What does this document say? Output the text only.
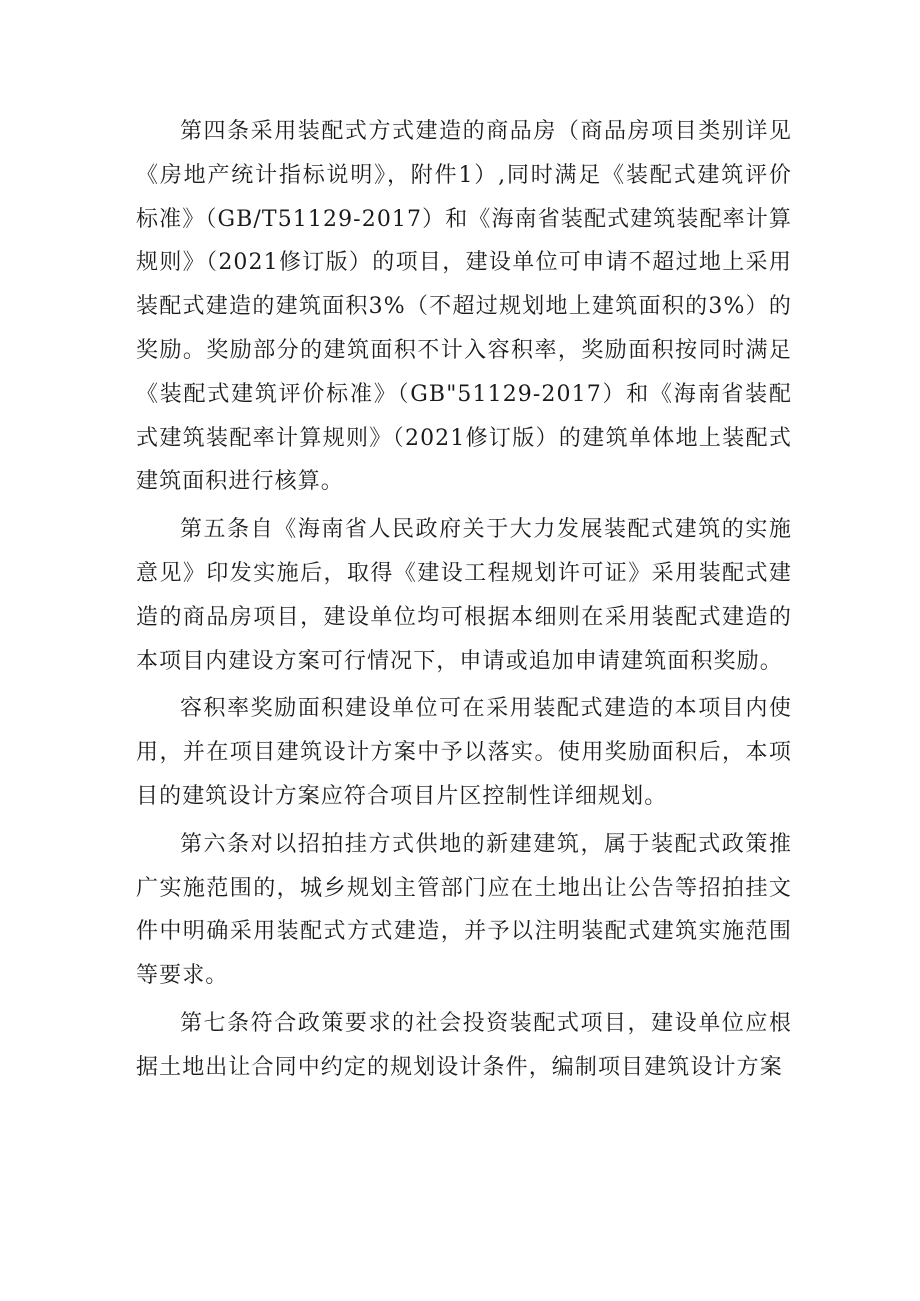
第四条采用装配式方式建造的商品房（商品房项目类别详见《房地产统计指标说明》，附件1）,同时满足《装配式建筑评价标准》（GB/T51129-2017）和《海南省装配式建筑装配率计算规则》（2021修订版）的项目，建设单位可申请不超过地上采用装配式建造的建筑面积3%（不超过规划地上建筑面积的3%）的奖励。奖励部分的建筑面积不计入容积率，奖励面积按同时满足《装配式建筑评价标准》（GB"51129-2017）和《海南省装配式建筑装配率计算规则》（2021修订版）的建筑单体地上装配式建筑面积进行核算。

第五条自《海南省人民政府关于大力发展装配式建筑的实施意见》印发实施后，取得《建设工程规划许可证》采用装配式建造的商品房项目，建设单位均可根据本细则在采用装配式建造的本项目内建设方案可行情况下，申请或追加申请建筑面积奖励。

容积率奖励面积建设单位可在采用装配式建造的本项目内使用，并在项目建筑设计方案中予以落实。使用奖励面积后，本项目的建筑设计方案应符合项目片区控制性详细规划。

第六条对以招拍挂方式供地的新建建筑，属于装配式政策推广实施范围的，城乡规划主管部门应在土地出让公告等招拍挂文件中明确采用装配式方式建造，并予以注明装配式建筑实施范围等要求。

第七条符合政策要求的社会投资装配式项目，建设单位应根据土地出让合同中约定的规划设计条件，编制项目建筑设计方案
